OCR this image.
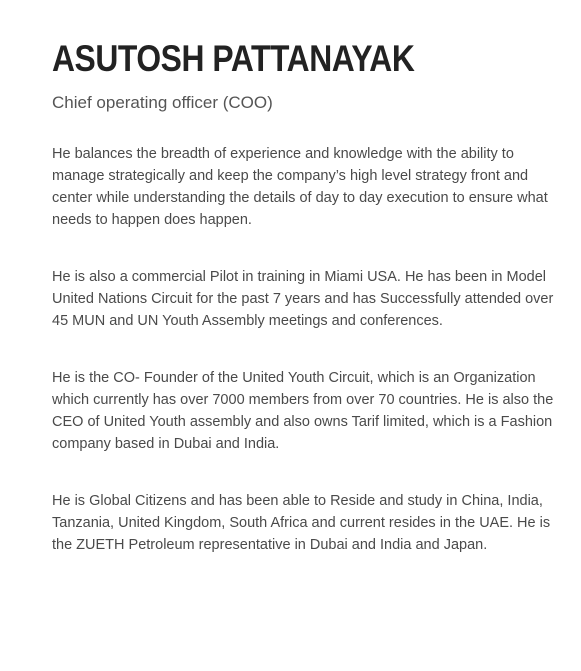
ASUTOSH PATTANAYAK
Chief operating officer (COO)

He balances the breadth of experience and knowledge with the ability to manage strategically and keep the company’s high level strategy front and center while understanding the details of day to day execution to ensure what needs to happen does happen.

He is also a commercial Pilot in training in Miami USA. He has been in Model United Nations Circuit for the past 7 years and has Successfully attended over 45 MUN and UN Youth Assembly meetings and conferences.

He is the CO- Founder of the United Youth Circuit, which is an Organization which currently has over 7000 members from over 70 countries. He is also the CEO of United Youth assembly and also owns Tarif limited, which is a Fashion company based in Dubai and India.

He is Global Citizens and has been able to Reside and study in China, India, Tanzania, United Kingdom, South Africa and current resides in the UAE. He is the ZUETH Petroleum representative in Dubai and India and Japan.
